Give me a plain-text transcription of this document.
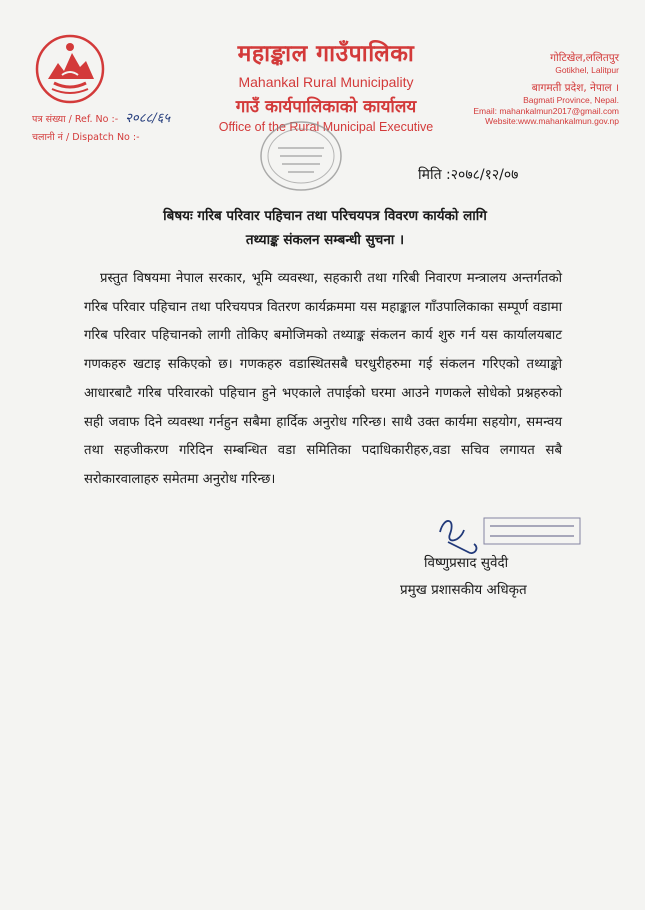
महाङ्काल गाउँपालिका
Mahankal Rural Municipality
गाउँ कार्यपालिकाको कार्यालय
Office of the Rural Municipal Executive
गोटिखेल,ललितपुर
Gotikhel, Lalitpur
बागमती प्रदेश, नेपाल ।
Bagmati Province, Nepal.
Email: mahankalmun2017@gmail.com
Website:www.mahankalmun.gov.np
पत्र संख्या / Ref. No :- २०८८/६५
चलानी नं / Dispatch No :-
मिति :२०७८/१२/०७
बिषयः गरिब परिवार पहिचान तथा परिचयपत्र विवरण कार्यको लागि
तथ्याङ्क संकलन सम्बन्धी सुचना ।

प्रस्तुत विषयमा नेपाल सरकार, भूमि व्यवस्था, सहकारी तथा गरिबी निवारण मन्त्रालय अन्तर्गतको गरिब परिवार पहिचान तथा परिचयपत्र वितरण कार्यक्रममा यस महाङ्काल गाँउपालिकाका सम्पूर्ण वडामा गरिब परिवार पहिचानको लागी तोकिए बमोजिमको तथ्याङ्क संकलन कार्य शुरु गर्न यस कार्यालयबाट गणकहरु खटाइ सकिएको छ। गणकहरु वडास्थितसबै घरधुरीहरुमा गई संकलन गरिएको तथ्याङ्को आधारबाटै गरिब परिवारको पहिचान हुने भएकाले तपाईको घरमा आउने गणकले सोधेको प्रश्नहरुको सही जवाफ दिने व्यवस्था गर्नहुन सबैमा हार्दिक अनुरोध गरिन्छ। साथै उक्त कार्यमा सहयोग, समन्वय तथा सहजीकरण गरिदिन सम्बन्धित वडा समितिका पदाधिकारीहरु,वडा सचिव लगायत सबै सरोकारवालाहरु समेतमा अनुरोध गरिन्छ।

विष्णुप्रसाद सुवेदी
प्रमुख प्रशासकीय अधिकृत
